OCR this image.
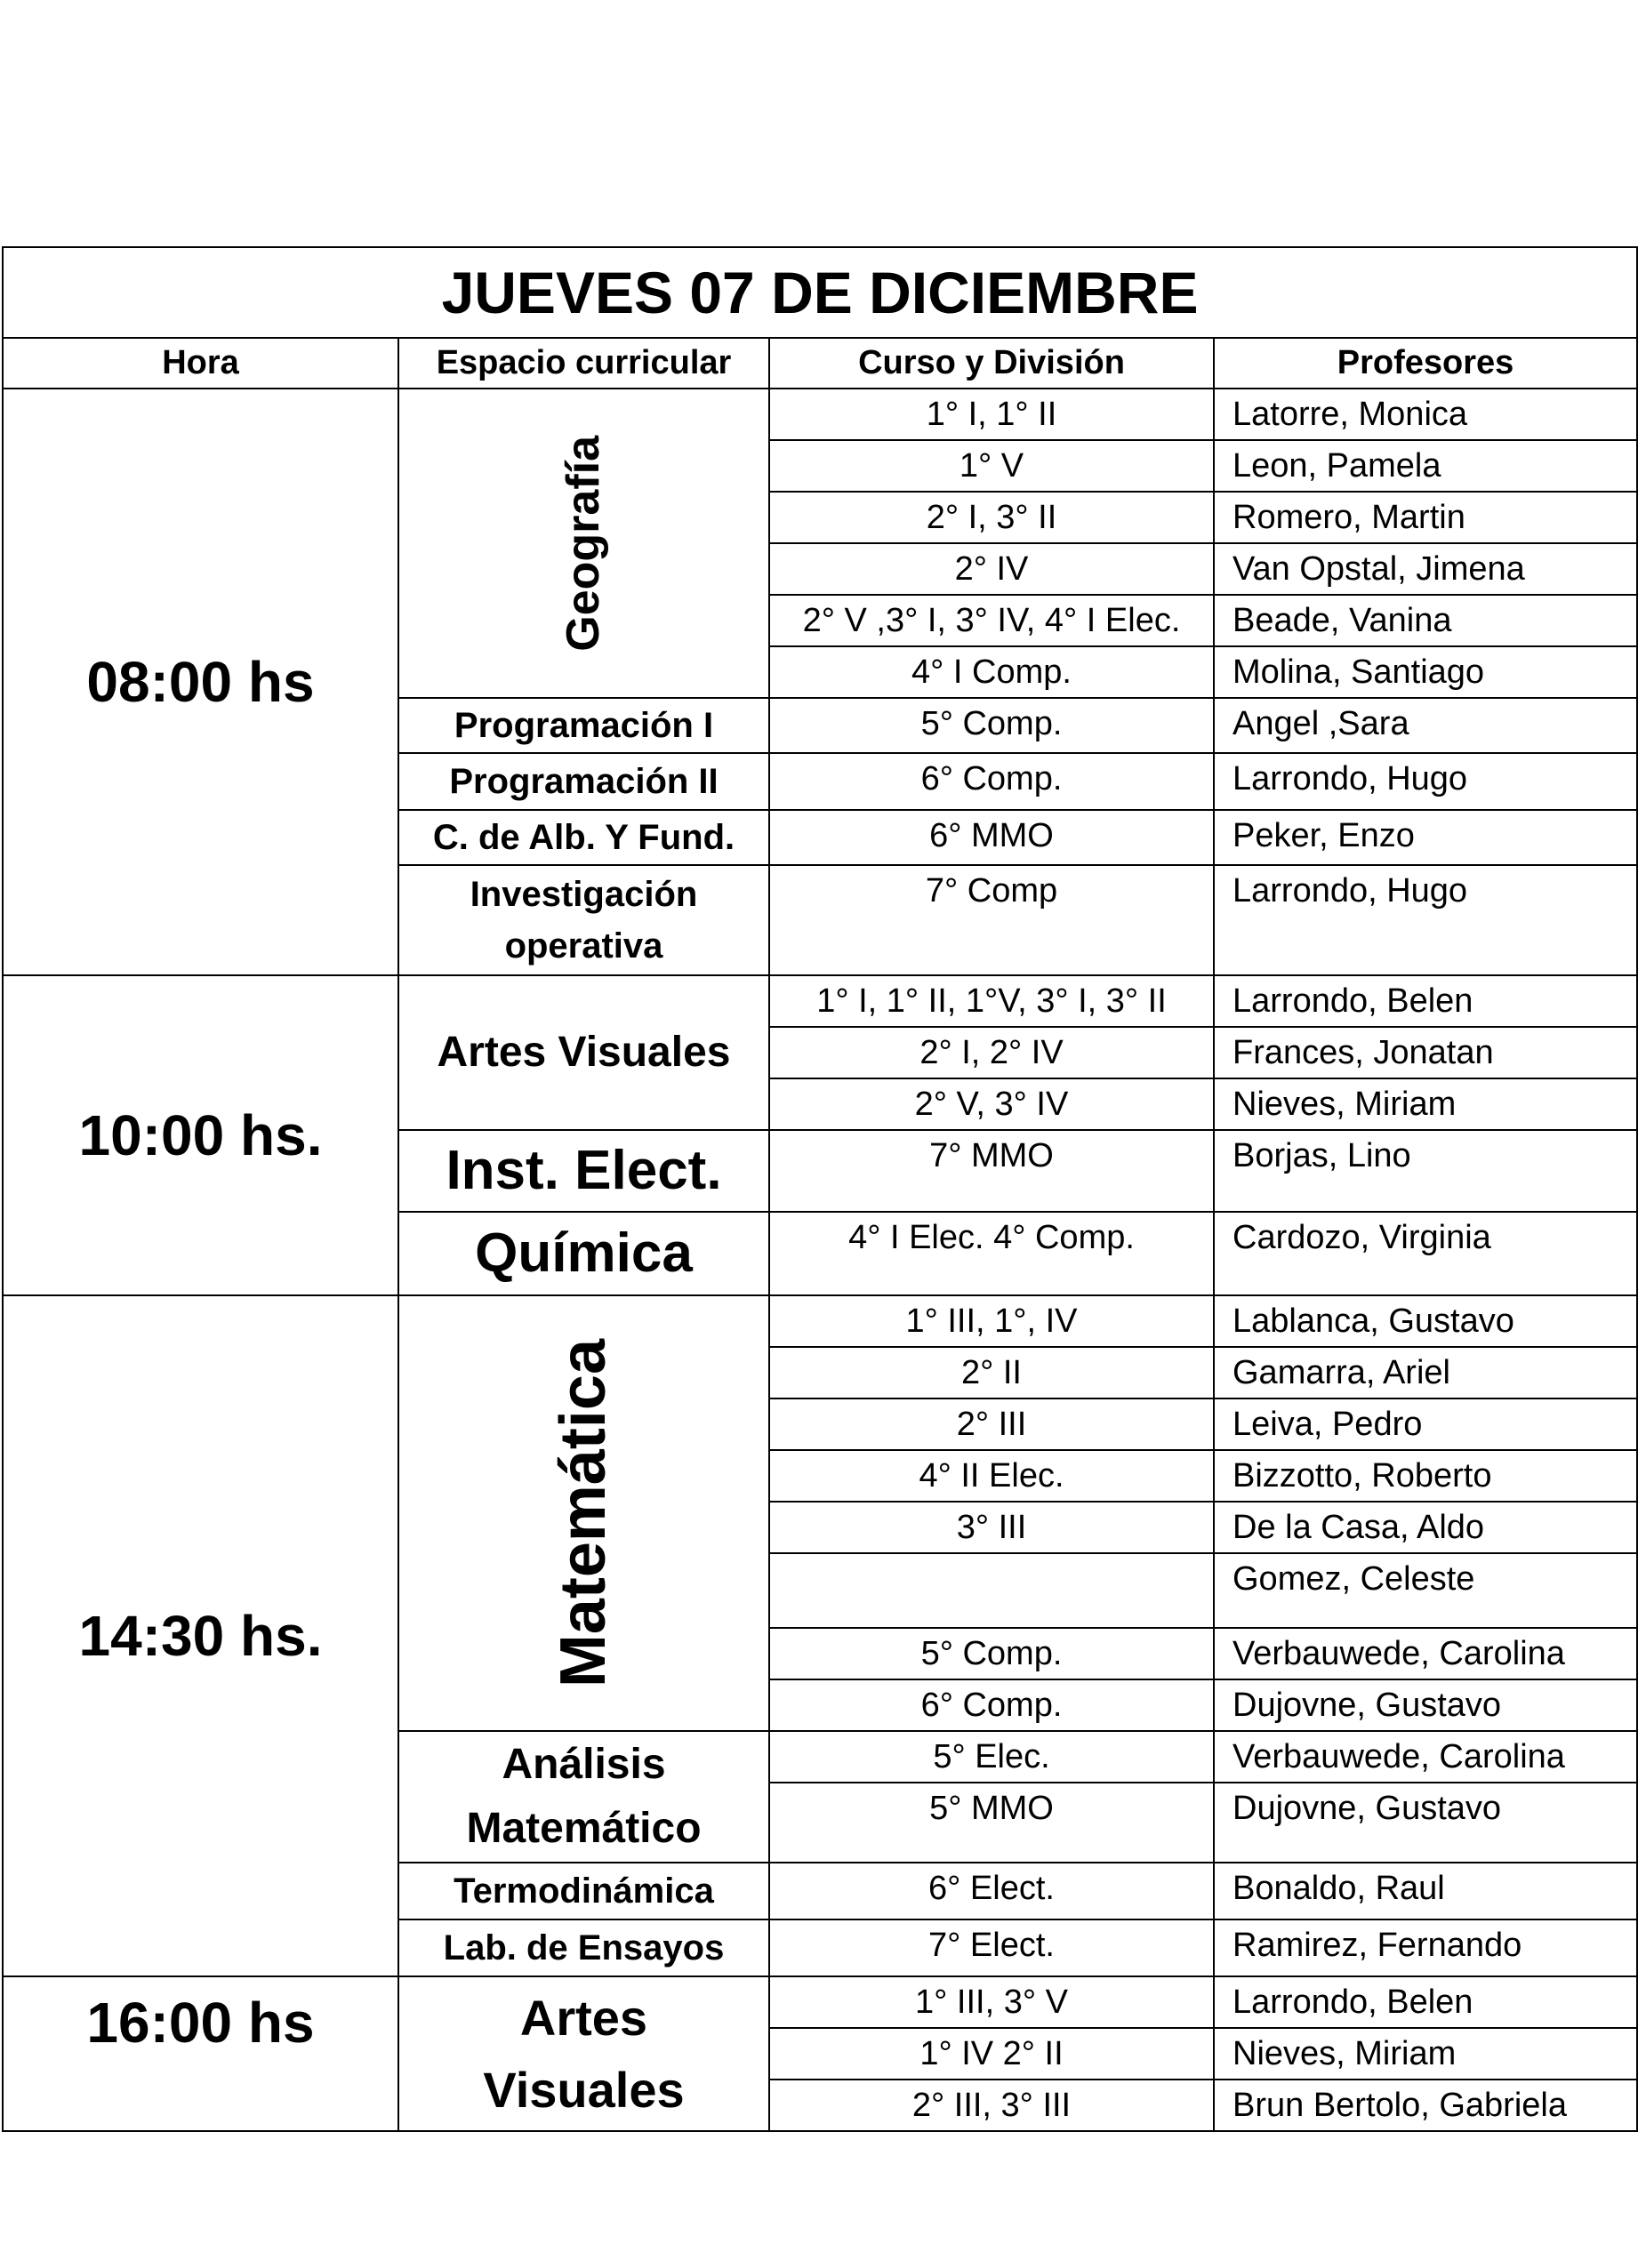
JUEVES 07 DE DICIEMBRE			
Hora	Espacio curricular	Curso y División	Profesores
08:00 hs	Geografía	1° I, 1° II	Latorre, Monica
		1° V	Leon, Pamela
		2° I, 3° II	Romero, Martin
		2° IV	Van Opstal, Jimena
		2° V ,3° I, 3° IV, 4° I Elec.	Beade, Vanina
		4° I Comp.	Molina, Santiago
	Programación I	5° Comp.	Angel ,Sara
	Programación II	6° Comp.	Larrondo, Hugo
	C. de Alb. Y Fund.	6° MMO	Peker, Enzo
	Investigación operativa	7° Comp	Larrondo, Hugo
10:00 hs.	Artes Visuales	1° I, 1° II, 1°V, 3° I, 3° II	Larrondo, Belen
		2° I, 2° IV	Frances, Jonatan
		2° V, 3° IV	Nieves, Miriam
	Inst. Elect.	7° MMO	Borjas, Lino
	Química	4° I Elec. 4° Comp.	Cardozo, Virginia
14:30 hs.	Matemática	1° III, 1°, IV	Lablanca, Gustavo
		2° II	Gamarra, Ariel
		2° III	Leiva, Pedro
		4° II Elec.	Bizzotto, Roberto
		3° III	De la Casa, Aldo
			Gomez, Celeste
		5° Comp.	Verbauwede, Carolina
		6° Comp.	Dujovne, Gustavo
	Análisis Matemático	5° Elec.	Verbauwede, Carolina
		5° MMO	Dujovne, Gustavo
	Termodinámica	6° Elect.	Bonaldo, Raul
	Lab. de Ensayos	7° Elect.	Ramirez, Fernando
16:00 hs	Artes Visuales	1° III, 3° V	Larrondo, Belen
		1° IV 2° II	Nieves, Miriam
		2° III, 3° III	Brun Bertolo, Gabriela
